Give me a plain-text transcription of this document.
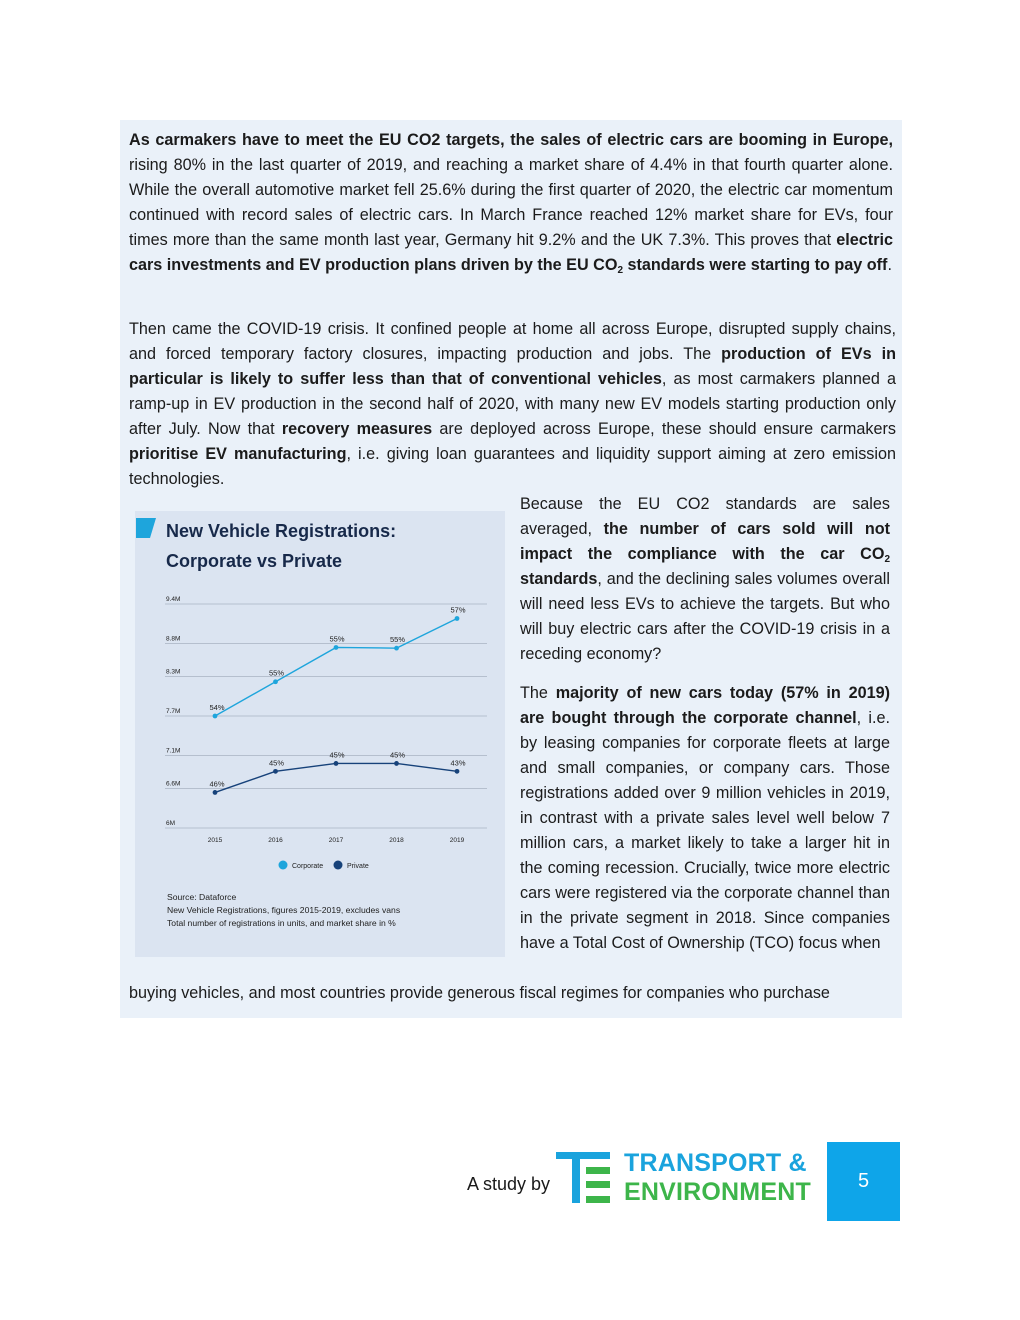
As carmakers have to meet the EU CO2 targets, the sales of electric cars are booming in Europe, rising 80% in the last quarter of 2019, and reaching a market share of 4.4% in that fourth quarter alone. While the overall automotive market fell 25.6% during the first quarter of 2020, the electric car momentum continued with record sales of electric cars. In March France reached 12% market share for EVs, four times more than the same month last year, Germany hit 9.2% and the UK 7.3%. This proves that electric cars investments and EV production plans driven by the EU $CO_2$ standards were starting to pay off.
Then came the COVID-19 crisis. It confined people at home all across Europe, disrupted supply chains, and forced temporary factory closures, impacting production and jobs. The production of EVs in particular is likely to suffer less than that of conventional vehicles, as most carmakers planned a ramp-up in EV production in the second half of 2020, with many new EV models starting production only after July. Now that recovery measures are deployed across Europe, these should ensure carmakers prioritise EV manufacturing, i.e. giving loan guarantees and liquidity support aiming at zero emission technologies.
Because the EU CO2 standards are sales averaged, the number of cars sold will not impact the compliance with the car $CO_2$ standards, and the declining sales volumes overall will need less EVs to achieve the targets. But who will buy electric cars after the COVID-19 crisis in a receding economy?
The majority of new cars today (57% in 2019) are bought through the corporate channel, i.e. by leasing companies for corporate fleets at large and small companies, or company cars. Those registrations added over 9 million vehicles in 2019, in contrast with a private sales level well below 7 million cars, a market likely to take a larger hit in the coming recession. Crucially, twice more electric cars were registered via the corporate channel than in the private segment in 2018. Since companies have a Total Cost of Ownership (TCO) focus when
buying vehicles, and most countries provide generous fiscal regimes for companies who purchase
New Vehicle Registrations:
Corporate vs Private
9.4M
8.8M
8.3M
7.7M
7.1M
6.6M
6M
2015	2016	2017	2018	2019
54%
55%
55%	55%
57%
46%
45%
45%	45%
43%
Corporate	Private
Source: Dataforce
New Vehicle Registrations, figures 2015-2019, excludes vans
Total number of registrations in units, and market share in %
A study by
TRANSPORT &
ENVIRONMENT	5
